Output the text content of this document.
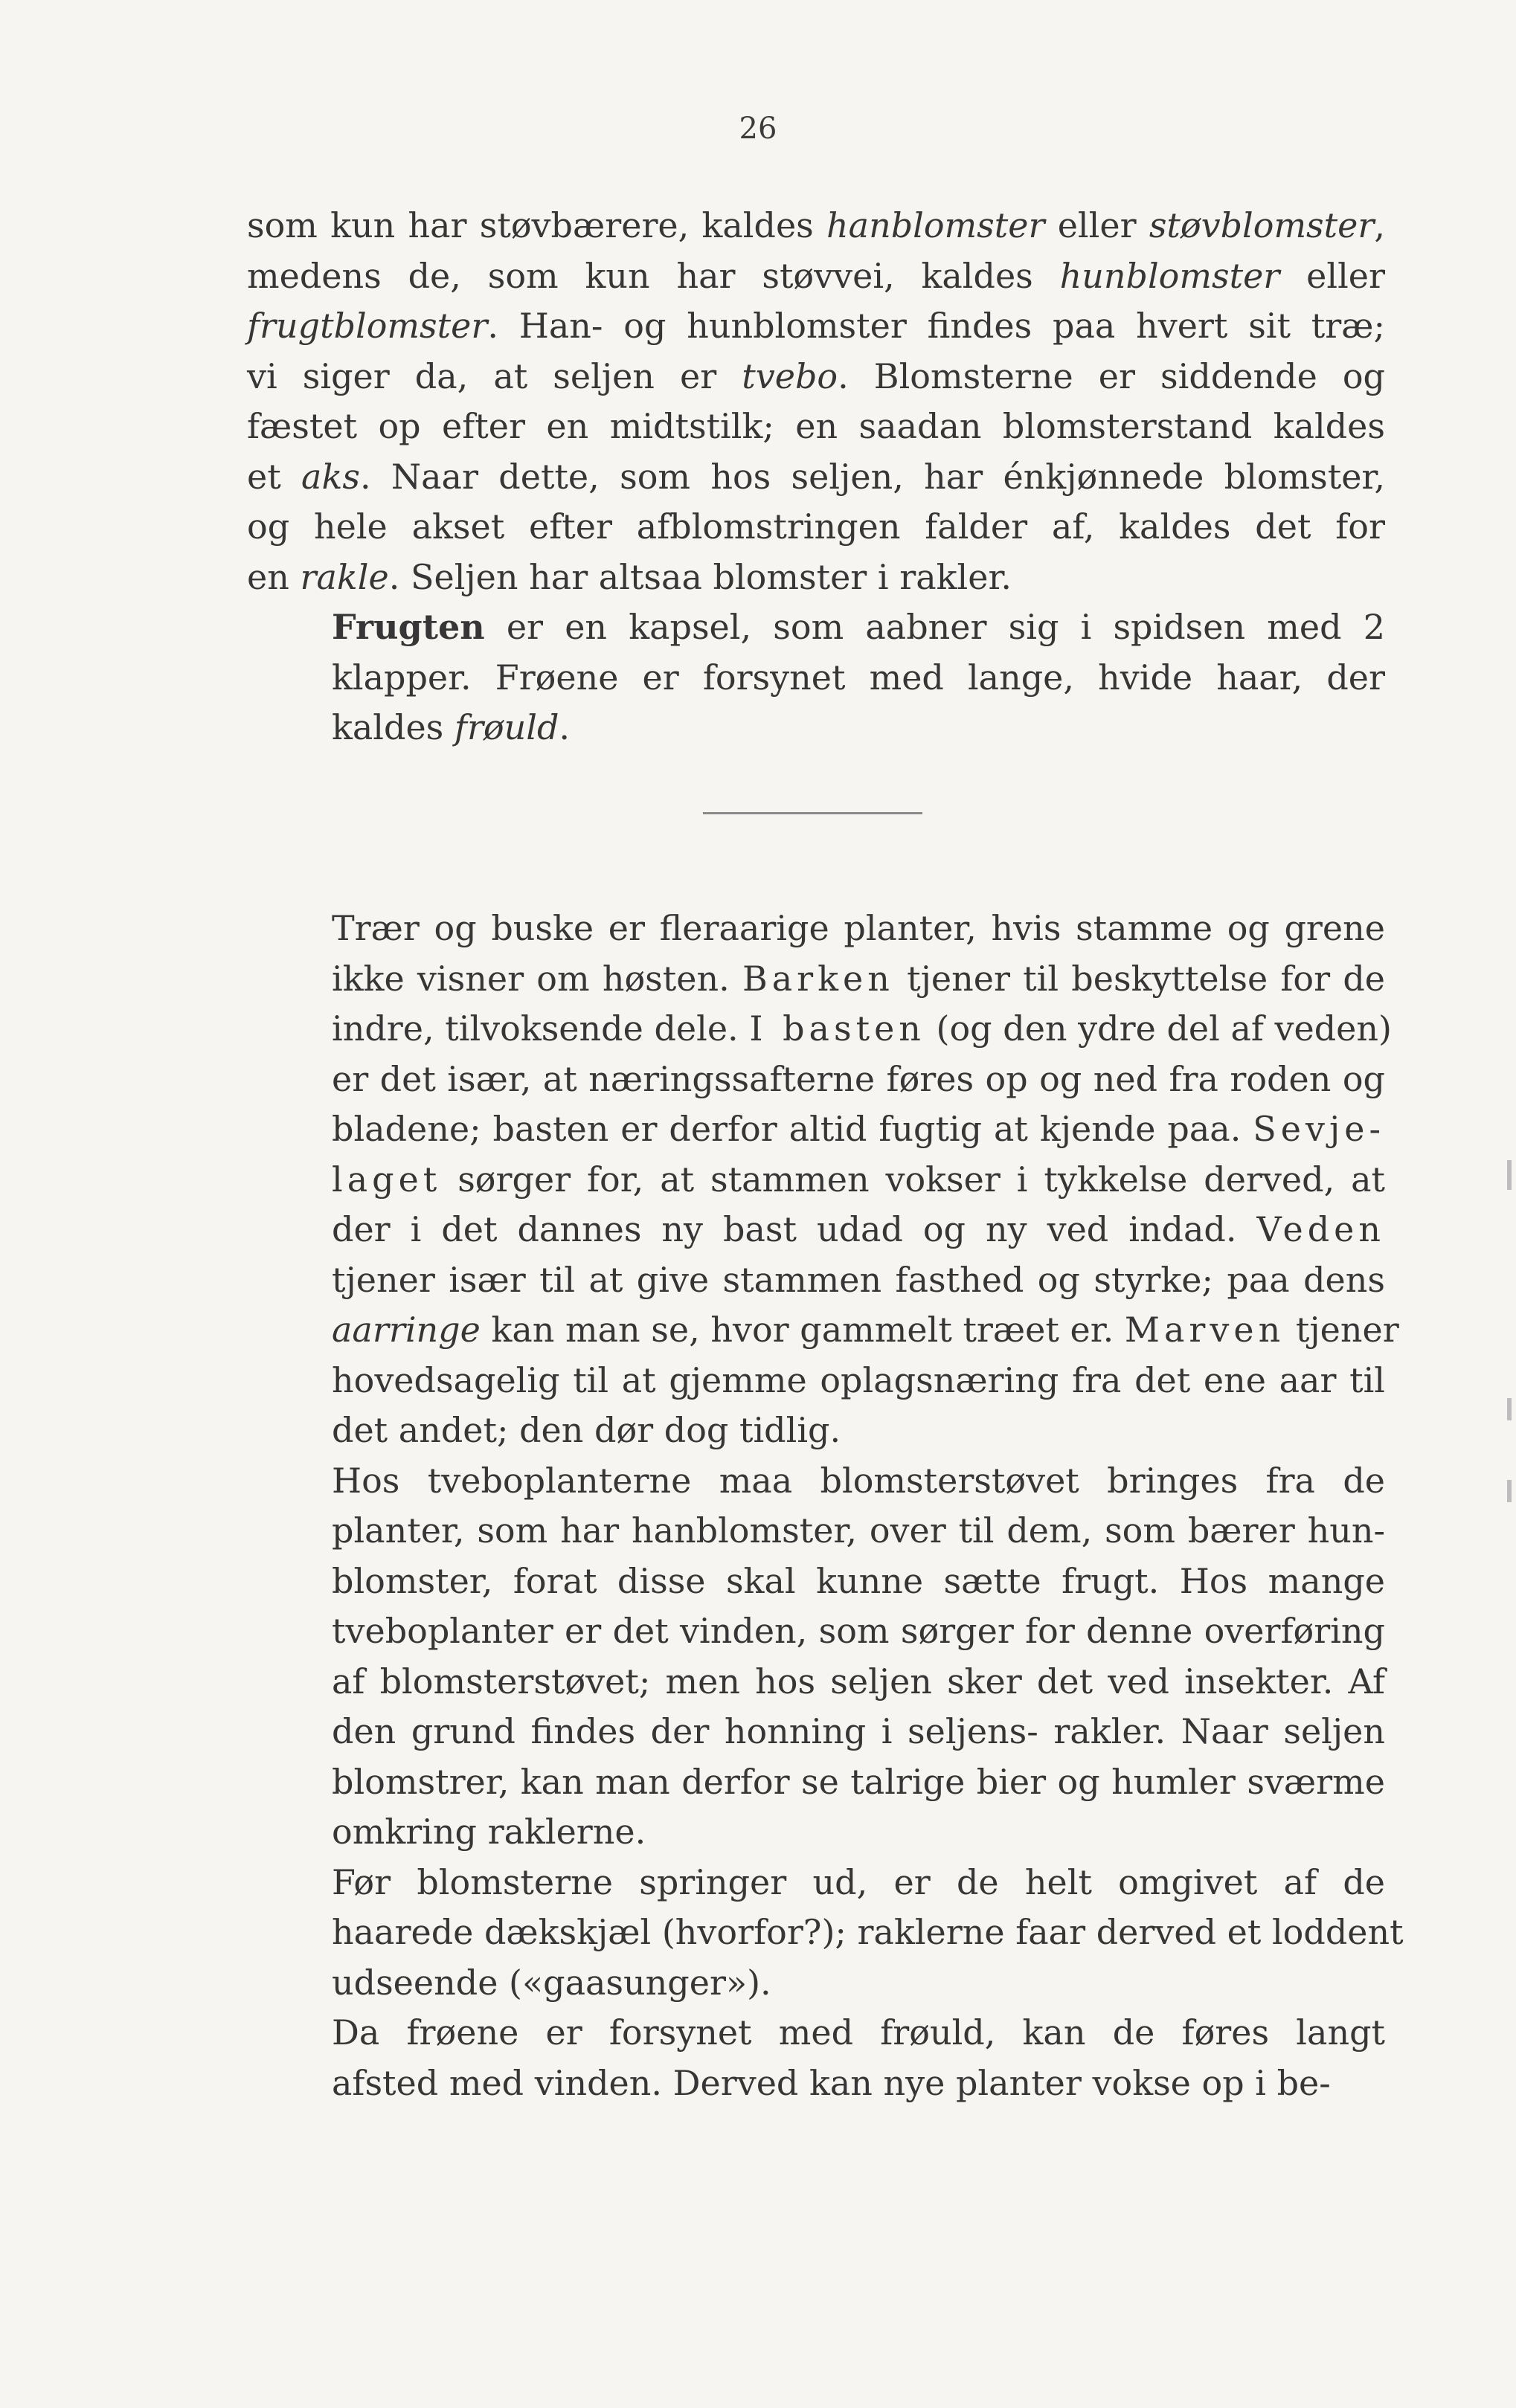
26

som kun har støvbærere, kaldes hanblomster eller støvblomster,
medens de, som kun har støvvei, kaldes hunblomster eller
frugtblomster. Han- og hunblomster findes paa hvert sit træ;
vi siger da, at seljen er tvebo. Blomsterne er siddende og
fæstet op efter en midtstilk; en saadan blomsterstand kaldes
et aks. Naar dette, som hos seljen, har énkjønnede blomster,
og hele akset efter afblomstringen falder af, kaldes det for
en rakle. Seljen har altsaa blomster i rakler.

Frugten er en kapsel, som aabner sig i spidsen med 2
klapper. Frøene er forsynet med lange, hvide haar, der
kaldes frøuld.

Trær og buske er fleraarige planter, hvis stamme og grene
ikke visner om høsten. Barken tjener til beskyttelse for de
indre, tilvoksende dele. I basten (og den ydre del af veden)
er det især, at næringssafterne føres op og ned fra roden og
bladene; basten er derfor altid fugtig at kjende paa. Sevje-
laget sørger for, at stammen vokser i tykkelse derved, at
der i det dannes ny bast udad og ny ved indad. Veden
tjener især til at give stammen fasthed og styrke; paa dens
aarringe kan man se, hvor gammelt træet er. Marven tjener
hovedsagelig til at gjemme oplagsnæring fra det ene aar til
det andet; den dør dog tidlig.

Hos tveboplanterne maa blomsterstøvet bringes fra de
planter, som har hanblomster, over til dem, som bærer hun-
blomster, forat disse skal kunne sætte frugt. Hos mange
tveboplanter er det vinden, som sørger for denne overføring
af blomsterstøvet; men hos seljen sker det ved insekter. Af
den grund findes der honning i seljens- rakler. Naar seljen
blomstrer, kan man derfor se talrige bier og humler sværme
omkring raklerne.

Før blomsterne springer ud, er de helt omgivet af de
haarede dækskjæl (hvorfor?); raklerne faar derved et loddent
udseende («gaasunger»).

Da frøene er forsynet med frøuld, kan de føres langt
afsted med vinden. Derved kan nye planter vokse op i be-
